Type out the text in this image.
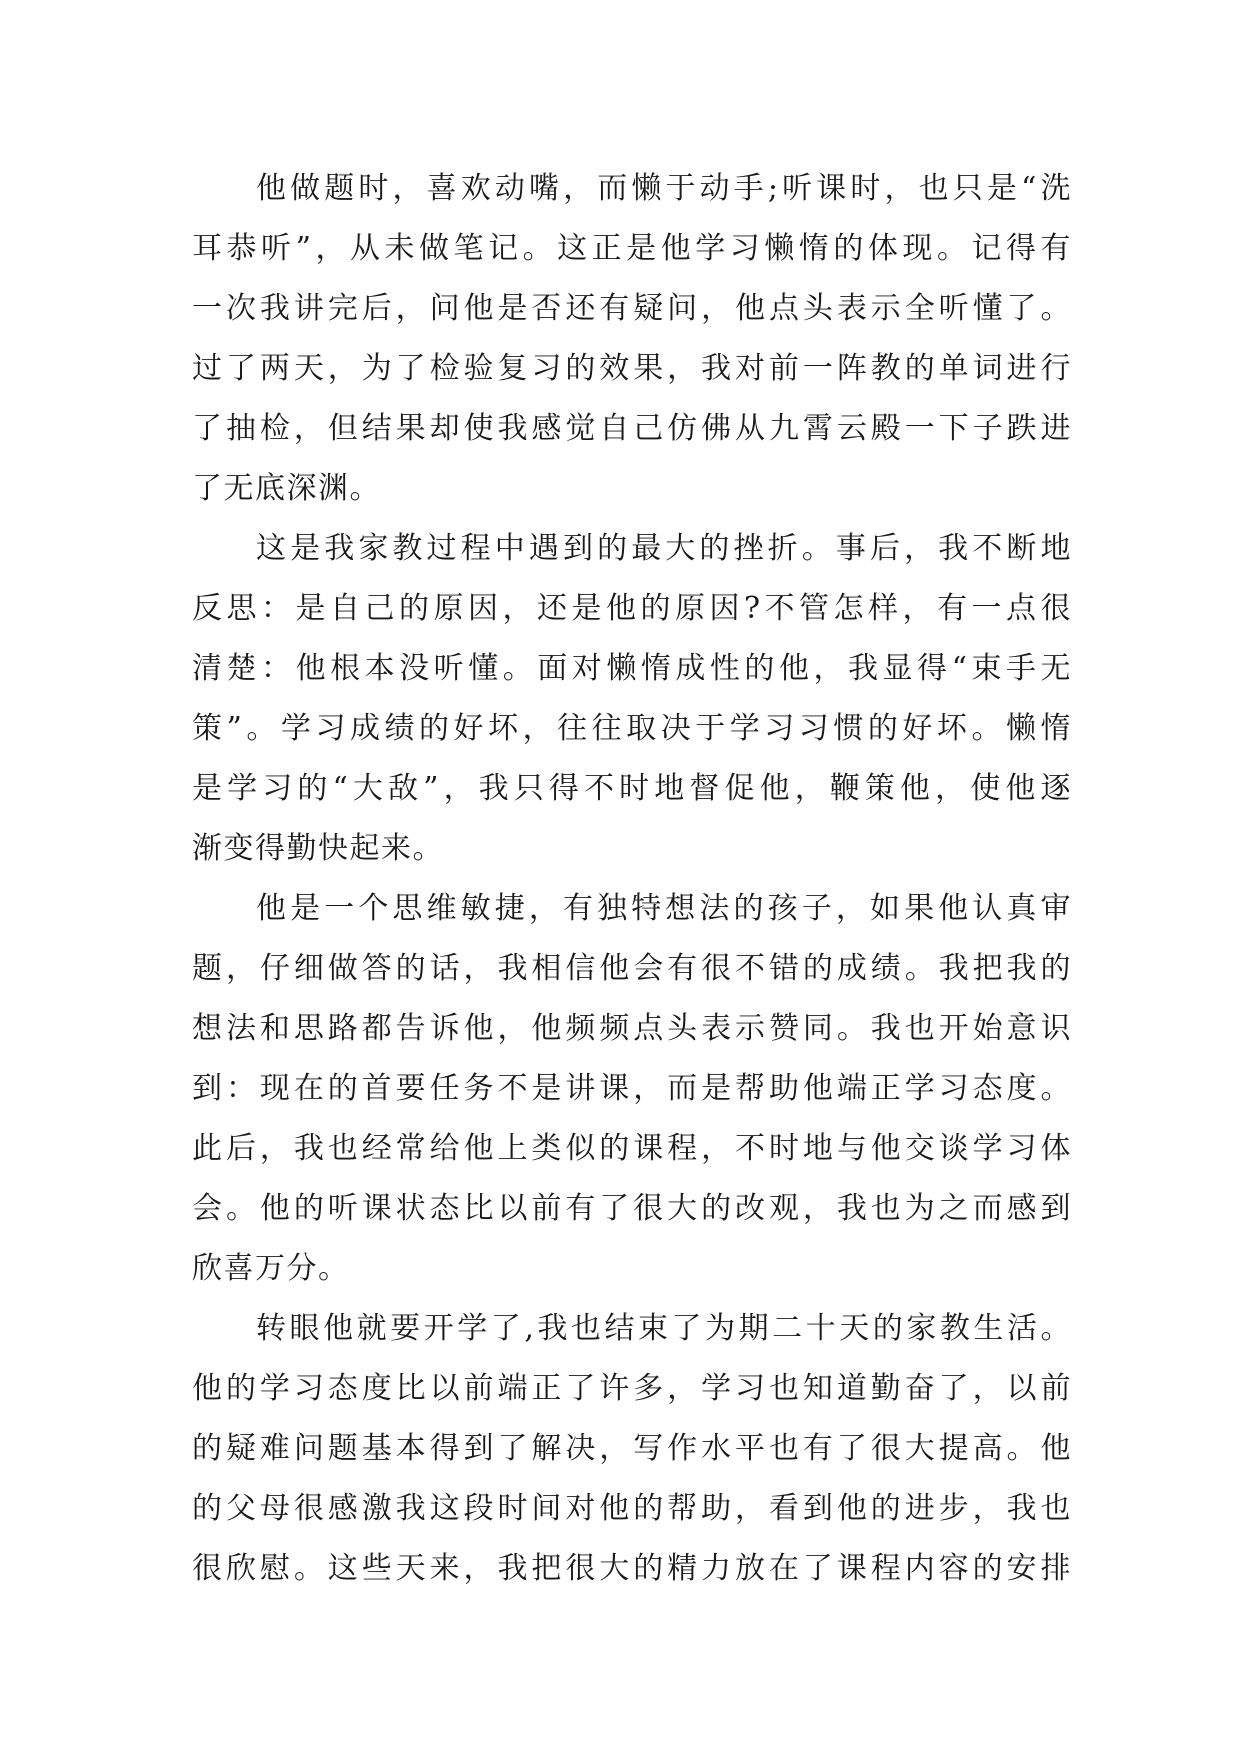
他做题时，喜欢动嘴，而懒于动手;听课时，也只是“洗
耳恭听”，从未做笔记。这正是他学习懒惰的体现。记得有
一次我讲完后，问他是否还有疑问，他点头表示全听懂了。
过了两天，为了检验复习的效果，我对前一阵教的单词进行
了抽检，但结果却使我感觉自己仿佛从九霄云殿一下子跌进
了无底深渊。
这是我家教过程中遇到的最大的挫折。事后，我不断地
反思：是自己的原因，还是他的原因?不管怎样，有一点很
清楚：他根本没听懂。面对懒惰成性的他，我显得“束手无
策”。学习成绩的好坏，往往取决于学习习惯的好坏。懒惰
是学习的“大敌”，我只得不时地督促他，鞭策他，使他逐
渐变得勤快起来。
他是一个思维敏捷，有独特想法的孩子，如果他认真审
题，仔细做答的话，我相信他会有很不错的成绩。我把我的
想法和思路都告诉他，他频频点头表示赞同。我也开始意识
到：现在的首要任务不是讲课，而是帮助他端正学习态度。
此后，我也经常给他上类似的课程，不时地与他交谈学习体
会。他的听课状态比以前有了很大的改观，我也为之而感到
欣喜万分。
转眼他就要开学了,我也结束了为期二十天的家教生活。
他的学习态度比以前端正了许多，学习也知道勤奋了，以前
的疑难问题基本得到了解决，写作水平也有了很大提高。他
的父母很感激我这段时间对他的帮助，看到他的进步，我也
很欣慰。这些天来，我把很大的精力放在了课程内容的安排
